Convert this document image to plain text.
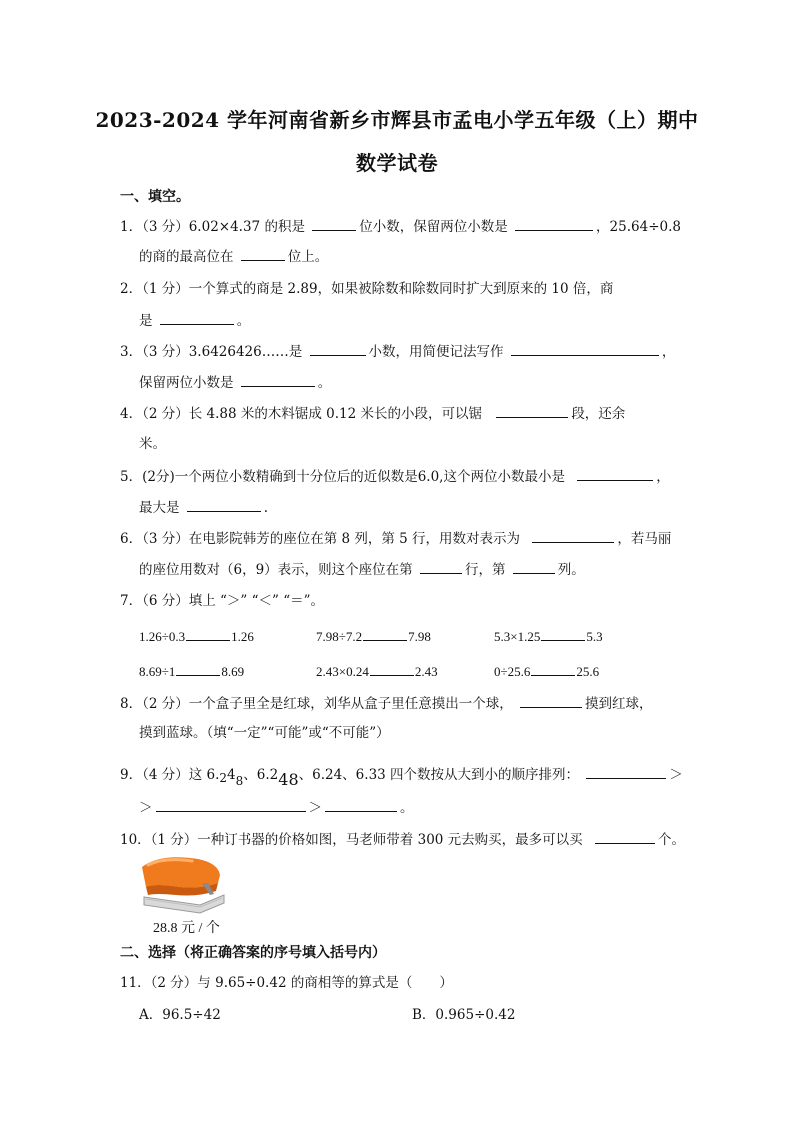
2023-2024 学年河南省新乡市辉县市孟电小学五年级（上）期中
数学试卷
一、填空。
1．（3 分）6.02×4.37 的积是	位小数，保留两位小数是	，25.64÷0.8
的商的最高位在	位上。
2．（1 分）一个算式的商是 2.89，如果被除数和除数同时扩大到原来的 10 倍，商
是	。
3．（3 分）3.6426426……是	小数，用简便记法写作	，
保留两位小数是	。
4．（2 分）长 4.88 米的木料锯成 0.12 米长的小段，可以锯	段，还余
米。
5．(2分)一个两位小数精确到十分位后的近似数是6.0,这个两位小数最小是	，
最大是	.
6．（3 分）在电影院韩芳的座位在第 8 列，第 5 行，用数对表示为	，若马丽
的座位用数对（6，9）表示，则这个座位在第	行，第	列。
7．（6 分）填上 “＞” “＜” “＝”。
1.26÷0.3	1.26	7.98÷7.2	7.98	5.3×1.25	5.3
8.69÷1	8.69	2.43×0.24	2.43	0÷25.6	25.6
8．（2 分）一个盒子里全是红球，刘华从盒子里任意摸出一个球，	摸到红球，
摸到蓝球。（填“一定”“可能”或“不可能”）
9．（4 分）这 6.248、6.248、6.24、6.33 四个数按从大到小的顺序排列：	＞
＞	＞	。
10．（1 分）一种订书器的价格如图，马老师带着 300 元去购买，最多可以买	个。
28.8 元 / 个
二、选择（将正确答案的序号填入括号内）
11．（2 分）与 9.65÷0.42 的商相等的算式是（　　）
A．96.5÷42	B．0.965÷0.42
